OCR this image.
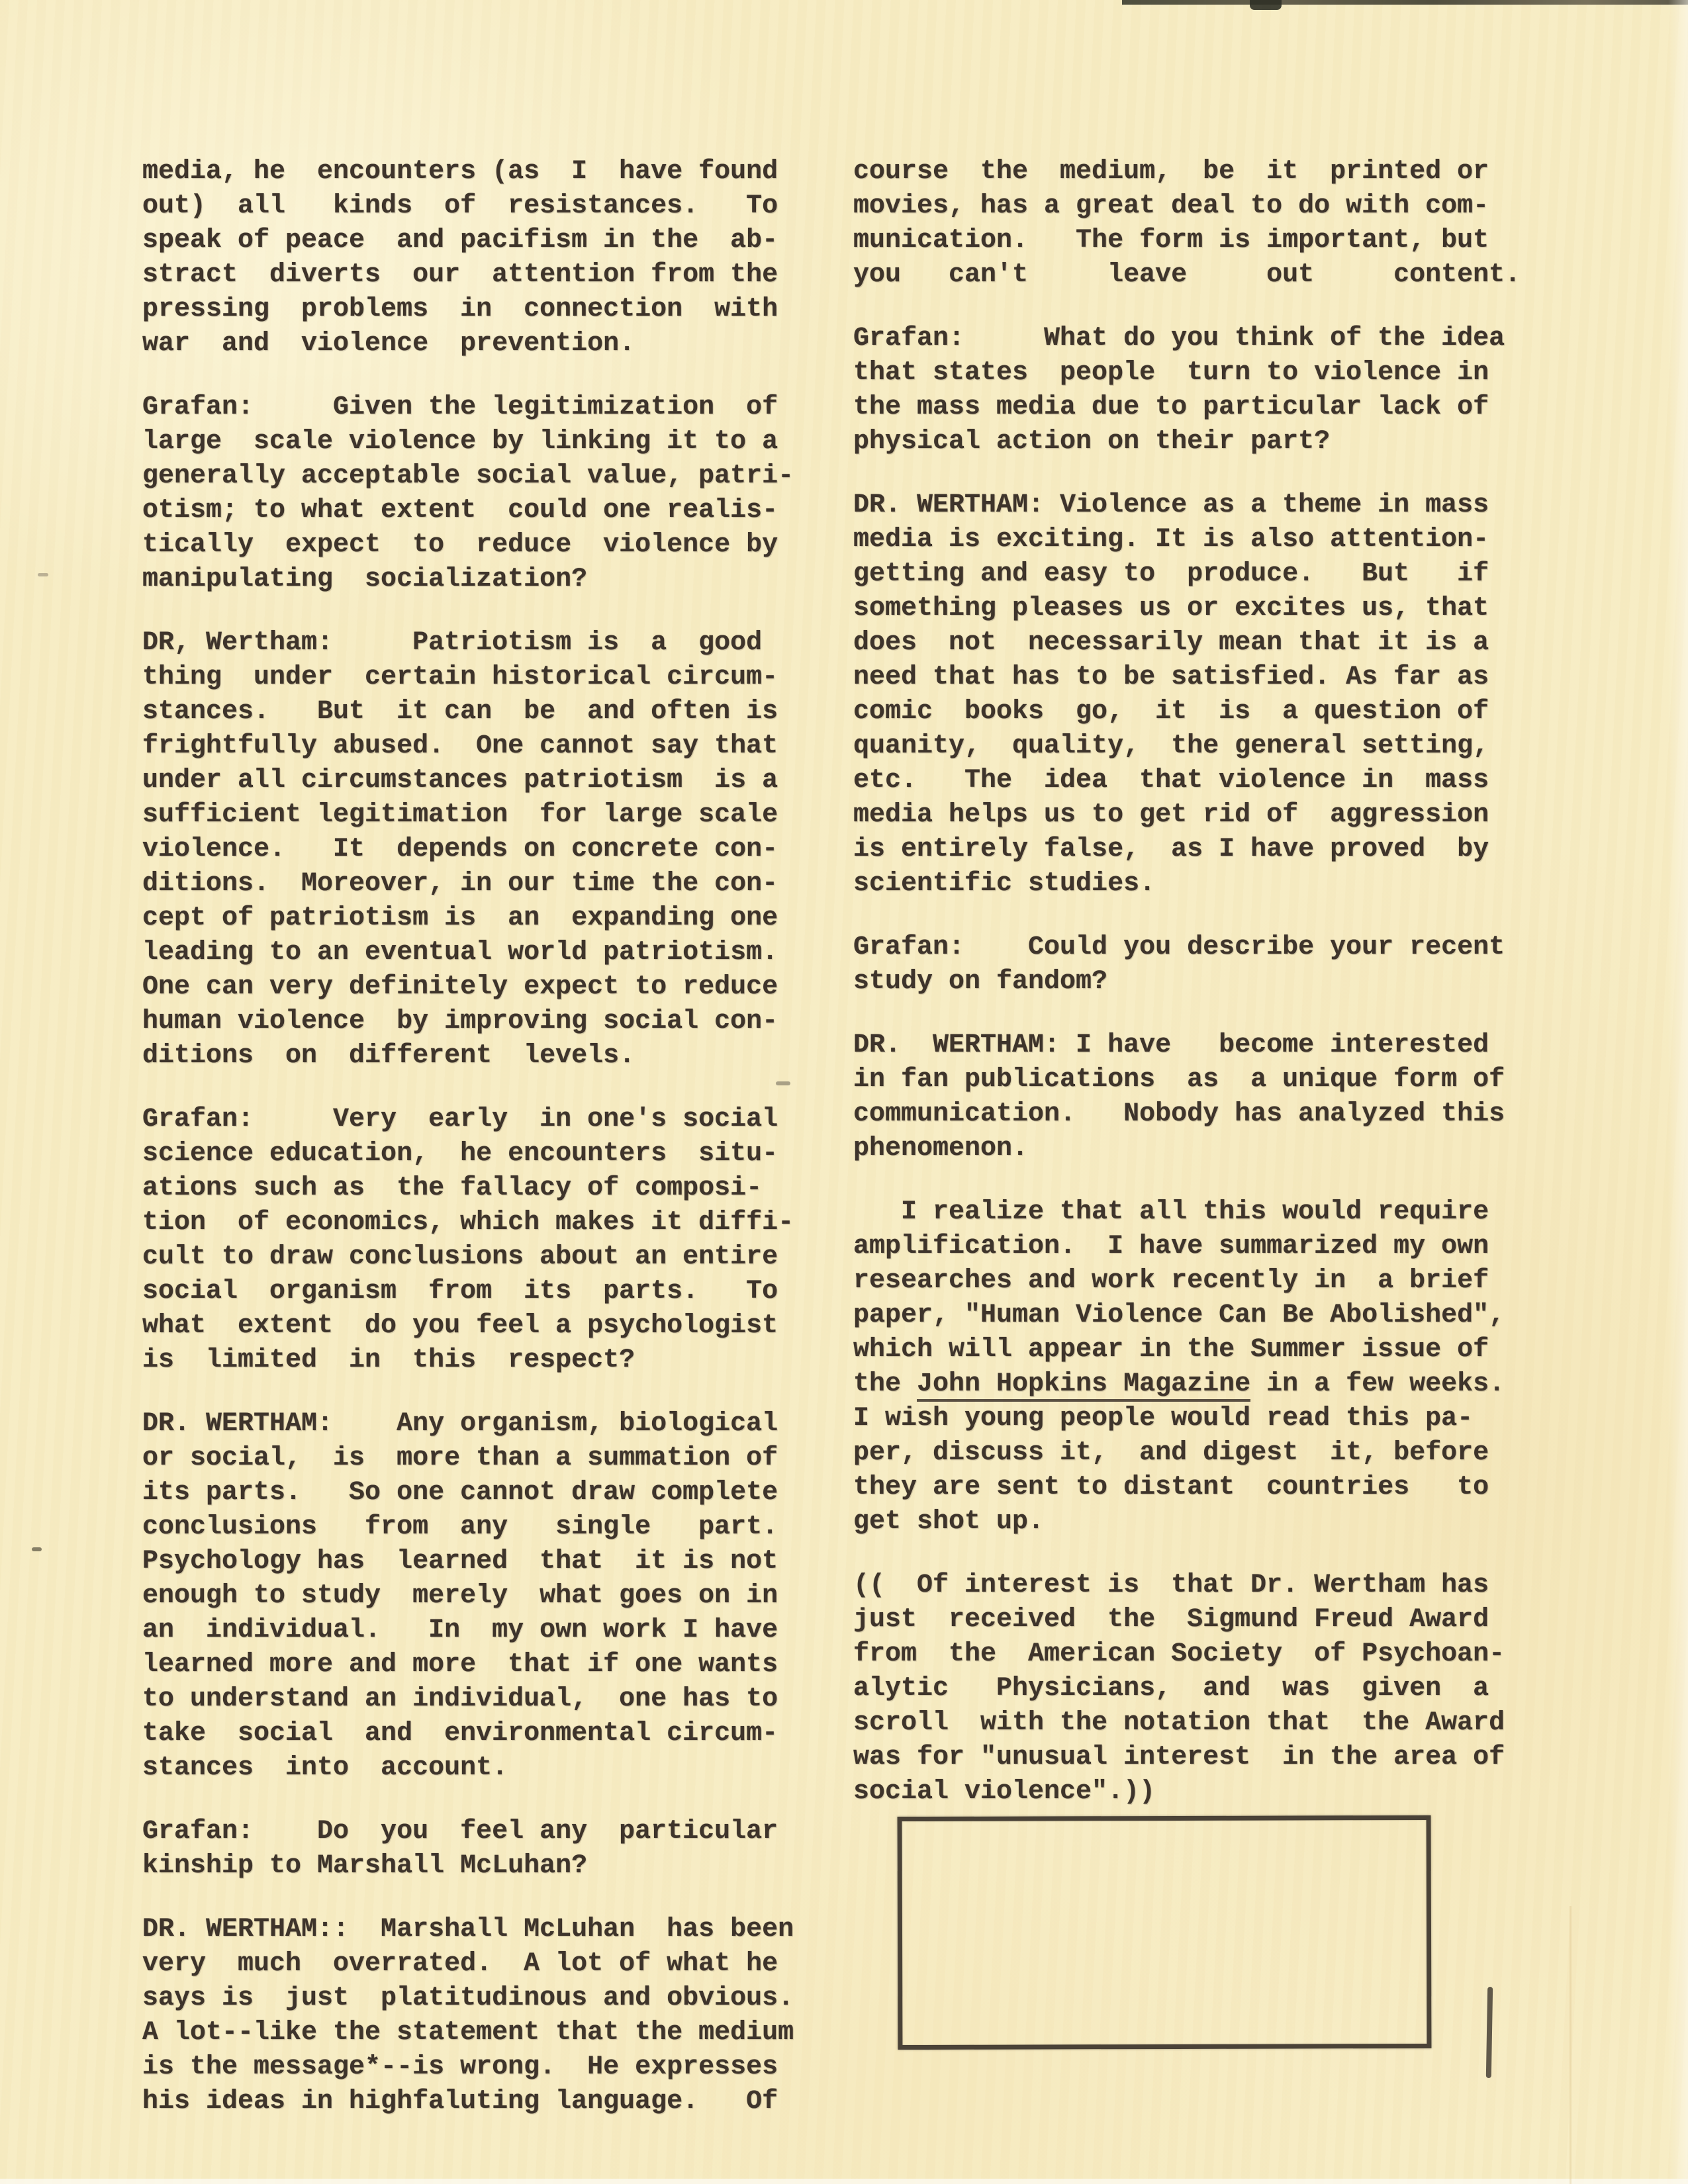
media, he  encounters (as  I  have found
out)  all   kinds  of  resistances.   To
speak of peace  and pacifism in the  ab-
stract  diverts  our  attention from the
pressing  problems  in  connection  with
war  and  violence  prevention.
Grafan:     Given the legitimization  of
large  scale violence by linking it to a
generally acceptable social value, patri-
otism; to what extent  could one realis-
tically  expect  to  reduce  violence by
manipulating  socialization?
DR, Wertham:     Patriotism is  a  good
thing  under  certain historical circum-
stances.   But  it can  be  and often is
frightfully abused.  One cannot say that
under all circumstances patriotism  is a
sufficient legitimation  for large scale
violence.   It  depends on concrete con-
ditions.  Moreover, in our time the con-
cept of patriotism is  an  expanding one
leading to an eventual world patriotism.
One can very definitely expect to reduce
human violence  by improving social con-
ditions  on  different  levels.
Grafan:     Very  early  in one's social
science education,  he encounters  situ-
ations such as  the fallacy of composi-
tion  of economics, which makes it diffi-
cult to draw conclusions about an entire
social  organism  from  its  parts.   To
what  extent  do you feel a psychologist
is  limited  in  this  respect?
DR. WERTHAM:    Any organism, biological
or social,  is  more than a summation of
its parts.   So one cannot draw complete
conclusions   from  any   single   part.
Psychology has  learned  that  it is not
enough to study  merely  what goes on in
an  individual.   In  my own work I have
learned more and more  that if one wants
to understand an individual,  one has to
take  social  and  environmental circum-
stances  into  account.
Grafan:    Do  you  feel any  particular
kinship to Marshall McLuhan?
DR. WERTHAM::  Marshall McLuhan  has been
very  much  overrated.  A lot of what he
says is  just  platitudinous and obvious.
A lot--like the statement that the medium
is the message*--is wrong.  He expresses
his ideas in highfaluting language.   Of
course  the  medium,  be  it  printed or
movies, has a great deal to do with com-
munication.   The form is important, but
you   can't     leave     out     content.
Grafan:     What do you think of the idea
that states  people  turn to violence in
the mass media due to particular lack of
physical action on their part?
DR. WERTHAM: Violence as a theme in mass
media is exciting. It is also attention-
getting and easy to  produce.   But   if
something pleases us or excites us, that
does  not  necessarily mean that it is a
need that has to be satisfied. As far as
comic  books  go,  it  is  a question of
quanity,  quality,  the general setting,
etc.   The  idea  that violence in  mass
media helps us to get rid of  aggression
is entirely false,  as I have proved  by
scientific studies.
Grafan:    Could you describe your recent
study on fandom?
DR.  WERTHAM: I have   become interested
in fan publications  as  a unique form of
communication.   Nobody has analyzed this
phenomenon.
I realize that all this would require
amplification.  I have summarized my own
researches and work recently in  a brief
paper, "Human Violence Can Be Abolished",
which will appear in the Summer issue of
the John Hopkins Magazine in a few weeks.
I wish young people would read this pa-
per, discuss it,  and digest  it, before
they are sent to distant  countries   to
get shot up.
((  Of interest is  that Dr. Wertham has
just  received  the  Sigmund Freud Award
from  the  American Society  of Psychoan-
alytic   Physicians,  and  was  given  a
scroll  with the notation that  the Award
was for "unusual interest  in the area of
social violence".))
